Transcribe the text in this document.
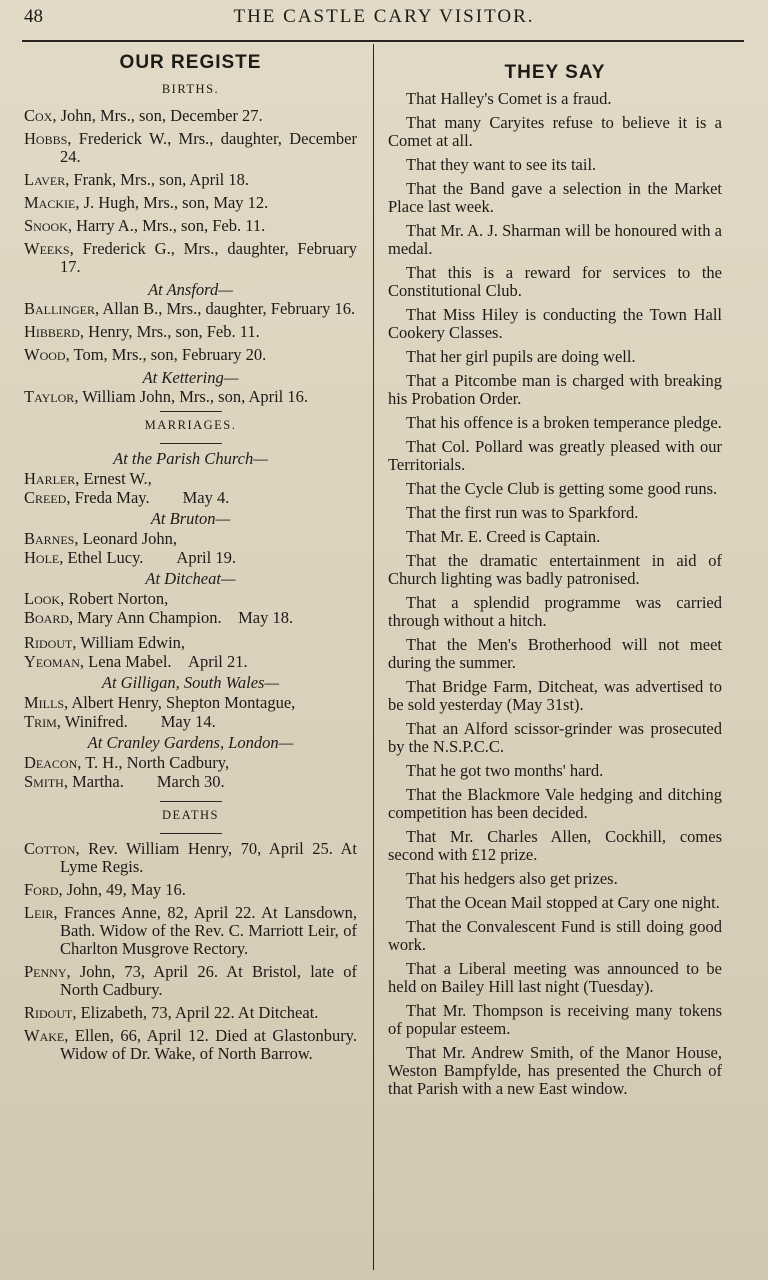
48	THE CASTLE CARY VISITOR.
OUR REGISTE
BIRTHS.
Cox, John, Mrs., son, December 27.
Hobbs, Frederick W., Mrs., daughter, December 24.
Laver, Frank, Mrs., son, April 18.
Mackie, J. Hugh, Mrs., son, May 12.
Snook, Harry A., Mrs., son, Feb. 11.
Weeks, Frederick G., Mrs., daughter, February 17.
At Ansford—
Ballinger, Allan B., Mrs., daughter, February 16.
Hibberd, Henry, Mrs., son, Feb. 11.
Wood, Tom, Mrs., son, February 20.
At Kettering—
Taylor, William John, Mrs., son, April 16.
MARRIAGES.
At the Parish Church—
Harler, Ernest W.,
Creed, Freda May.  May 4.
At Bruton—
Barnes, Leonard John,
Hole, Ethel Lucy.  April 19.
At Ditcheat—
Look, Robert Norton,
Board, Mary Ann Champion. May 18.
Ridout, William Edwin,
Yeoman, Lena Mabel. April 21.
At Gilligan, South Wales—
Mills, Albert Henry, Shepton Montague,
Trim, Winifred.  May 14.
At Cranley Gardens, London—
Deacon, T. H., North Cadbury,
Smith, Martha.  March 30.
DEATHS
Cotton, Rev. William Henry, 70, April 25. At Lyme Regis.
Ford, John, 49, May 16.
Leir, Frances Anne, 82, April 22. At Lansdown, Bath. Widow of the Rev. C. Marriott Leir, of Charlton Musgrove Rectory.
Penny, John, 73, April 26. At Bristol, late of North Cadbury.
Ridout, Elizabeth, 73, April 22. At Ditcheat.
Wake, Ellen, 66, April 12. Died at Glastonbury. Widow of Dr. Wake, of North Barrow.
THEY SAY

That Halley's Comet is a fraud.

That many Caryites refuse to believe it is a Comet at all.

That they want to see its tail.

That the Band gave a selection in the Market Place last week.

That Mr. A. J. Sharman will be honoured with a medal.

That this is a reward for services to the Constitutional Club.

That Miss Hiley is conducting the Town Hall Cookery Classes.

That her girl pupils are doing well.

That a Pitcombe man is charged with breaking his Probation Order.

That his offence is a broken temperance pledge.

That Col. Pollard was greatly pleased with our Territorials.

That the Cycle Club is getting some good runs.

That the first run was to Sparkford.

That Mr. E. Creed is Captain.

That the dramatic entertainment in aid of Church lighting was badly patronised.

That a splendid programme was carried through without a hitch.

That the Men's Brotherhood will not meet during the summer.

That Bridge Farm, Ditcheat, was advertised to be sold yesterday (May 31st).

That an Alford scissor-grinder was prosecuted by the N.S.P.C.C.

That he got two months' hard.

That the Blackmore Vale hedging and ditching competition has been decided.

That Mr. Charles Allen, Cockhill, comes second with £12 prize.

That his hedgers also get prizes.

That the Ocean Mail stopped at Cary one night.

That the Convalescent Fund is still doing good work.

That a Liberal meeting was announced to be held on Bailey Hill last night (Tuesday).

That Mr. Thompson is receiving many tokens of popular esteem.

That Mr. Andrew Smith, of the Manor House, Weston Bampfylde, has presented the Church of that Parish with a new East window.
